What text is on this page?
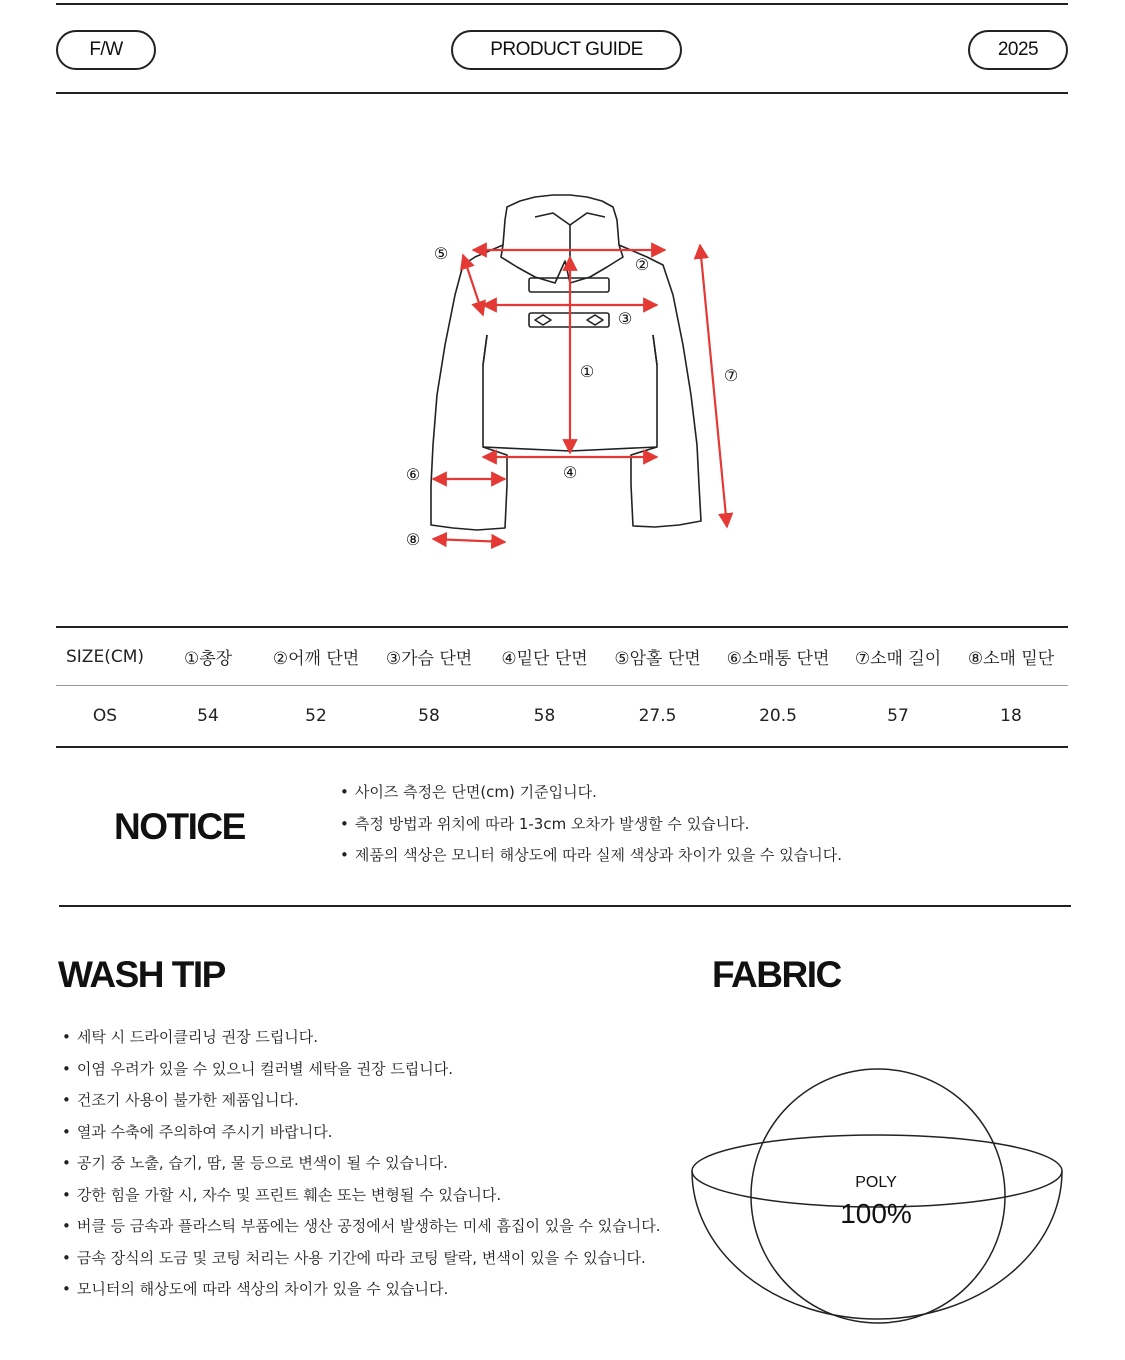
F/W	PRODUCT GUIDE	2025
①
②
③
④
⑤
⑥
⑦
⑧
SIZE(CM)	①총장	②어깨 단면	③가슴 단면	④밑단 단면	⑤암홀 단면	⑥소매통 단면	⑦소매 길이	⑧소매 밑단
OS	54	52	58	58	27.5	20.5	57	18
NOTICE
• 사이즈 측정은 단면(cm) 기준입니다.
• 측정 방법과 위치에 따라 1-3cm 오차가 발생할 수 있습니다.
• 제품의 색상은 모니터 해상도에 따라 실제 색상과 차이가 있을 수 있습니다.
WASH TIP
• 세탁 시 드라이클리닝 권장 드립니다.
• 이염 우려가 있을 수 있으니 컬러별 세탁을 권장 드립니다.
• 건조기 사용이 불가한 제품입니다.
• 열과 수축에 주의하여 주시기 바랍니다.
• 공기 중 노출, 습기, 땀, 물 등으로 변색이 될 수 있습니다.
• 강한 힘을 가할 시, 자수 및 프린트 훼손 또는 변형될 수 있습니다.
• 버클 등 금속과 플라스틱 부품에는 생산 공정에서 발생하는 미세 흠집이 있을 수 있습니다.
• 금속 장식의 도금 및 코팅 처리는 사용 기간에 따라 코팅 탈락, 변색이 있을 수 있습니다.
• 모니터의 해상도에 따라 색상의 차이가 있을 수 있습니다.
FABRIC
POLY
100%
